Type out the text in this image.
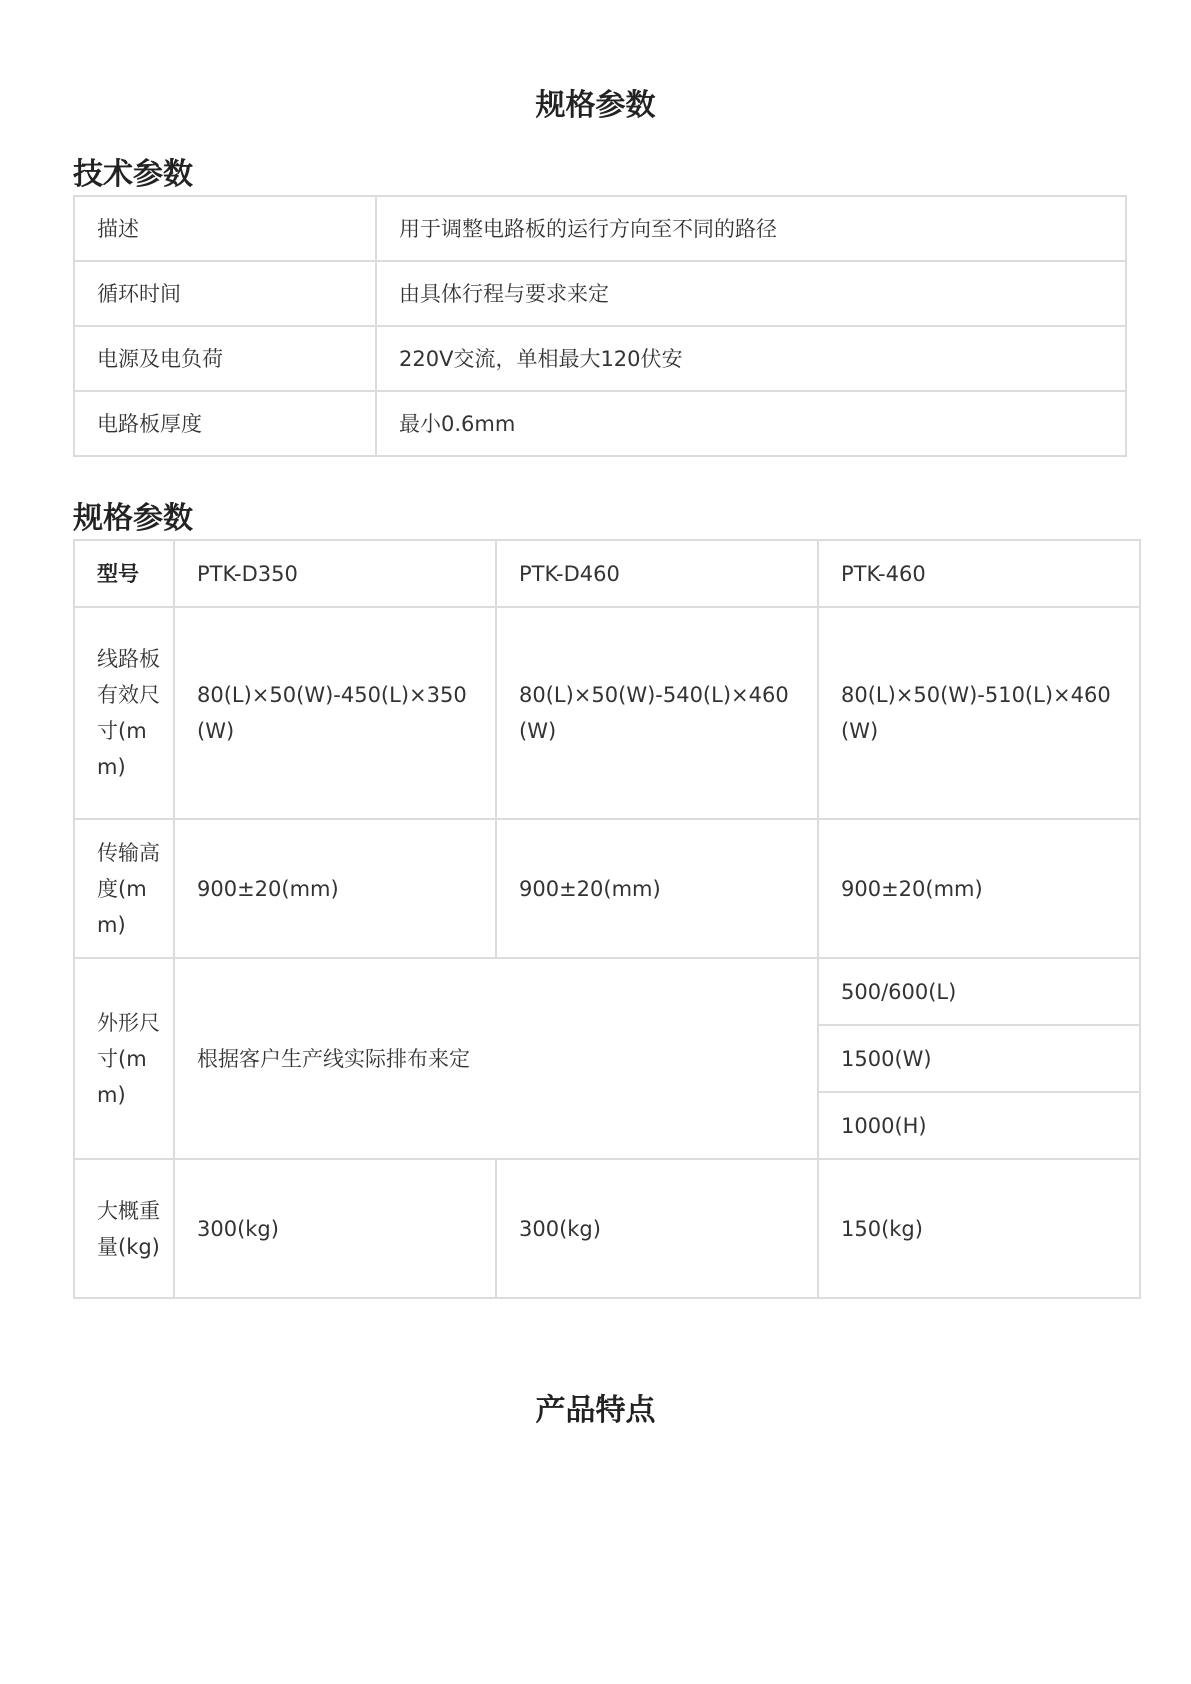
规格参数
技术参数
描述	用于调整电路板的运行方向至不同的路径
循环时间	由具体行程与要求来定
电源及电负荷	220V交流，单相最大120伏安
电路板厚度	最小0.6mm
规格参数
型号	PTK-D350	PTK-D460	PTK-460
线路板有效尺寸(mm)	80(L)×50(W)-450(L)×350(W)	80(L)×50(W)-540(L)×460(W)	80(L)×50(W)-510(L)×460(W)
传输高度(mm)	900±20(mm)	900±20(mm)	900±20(mm)
外形尺寸(mm)	根据客户生产线实际排布来定		500/600(L)
			1500(W)
			1000(H)
大概重量(kg)	300(kg)	300(kg)	150(kg)
产品特点
